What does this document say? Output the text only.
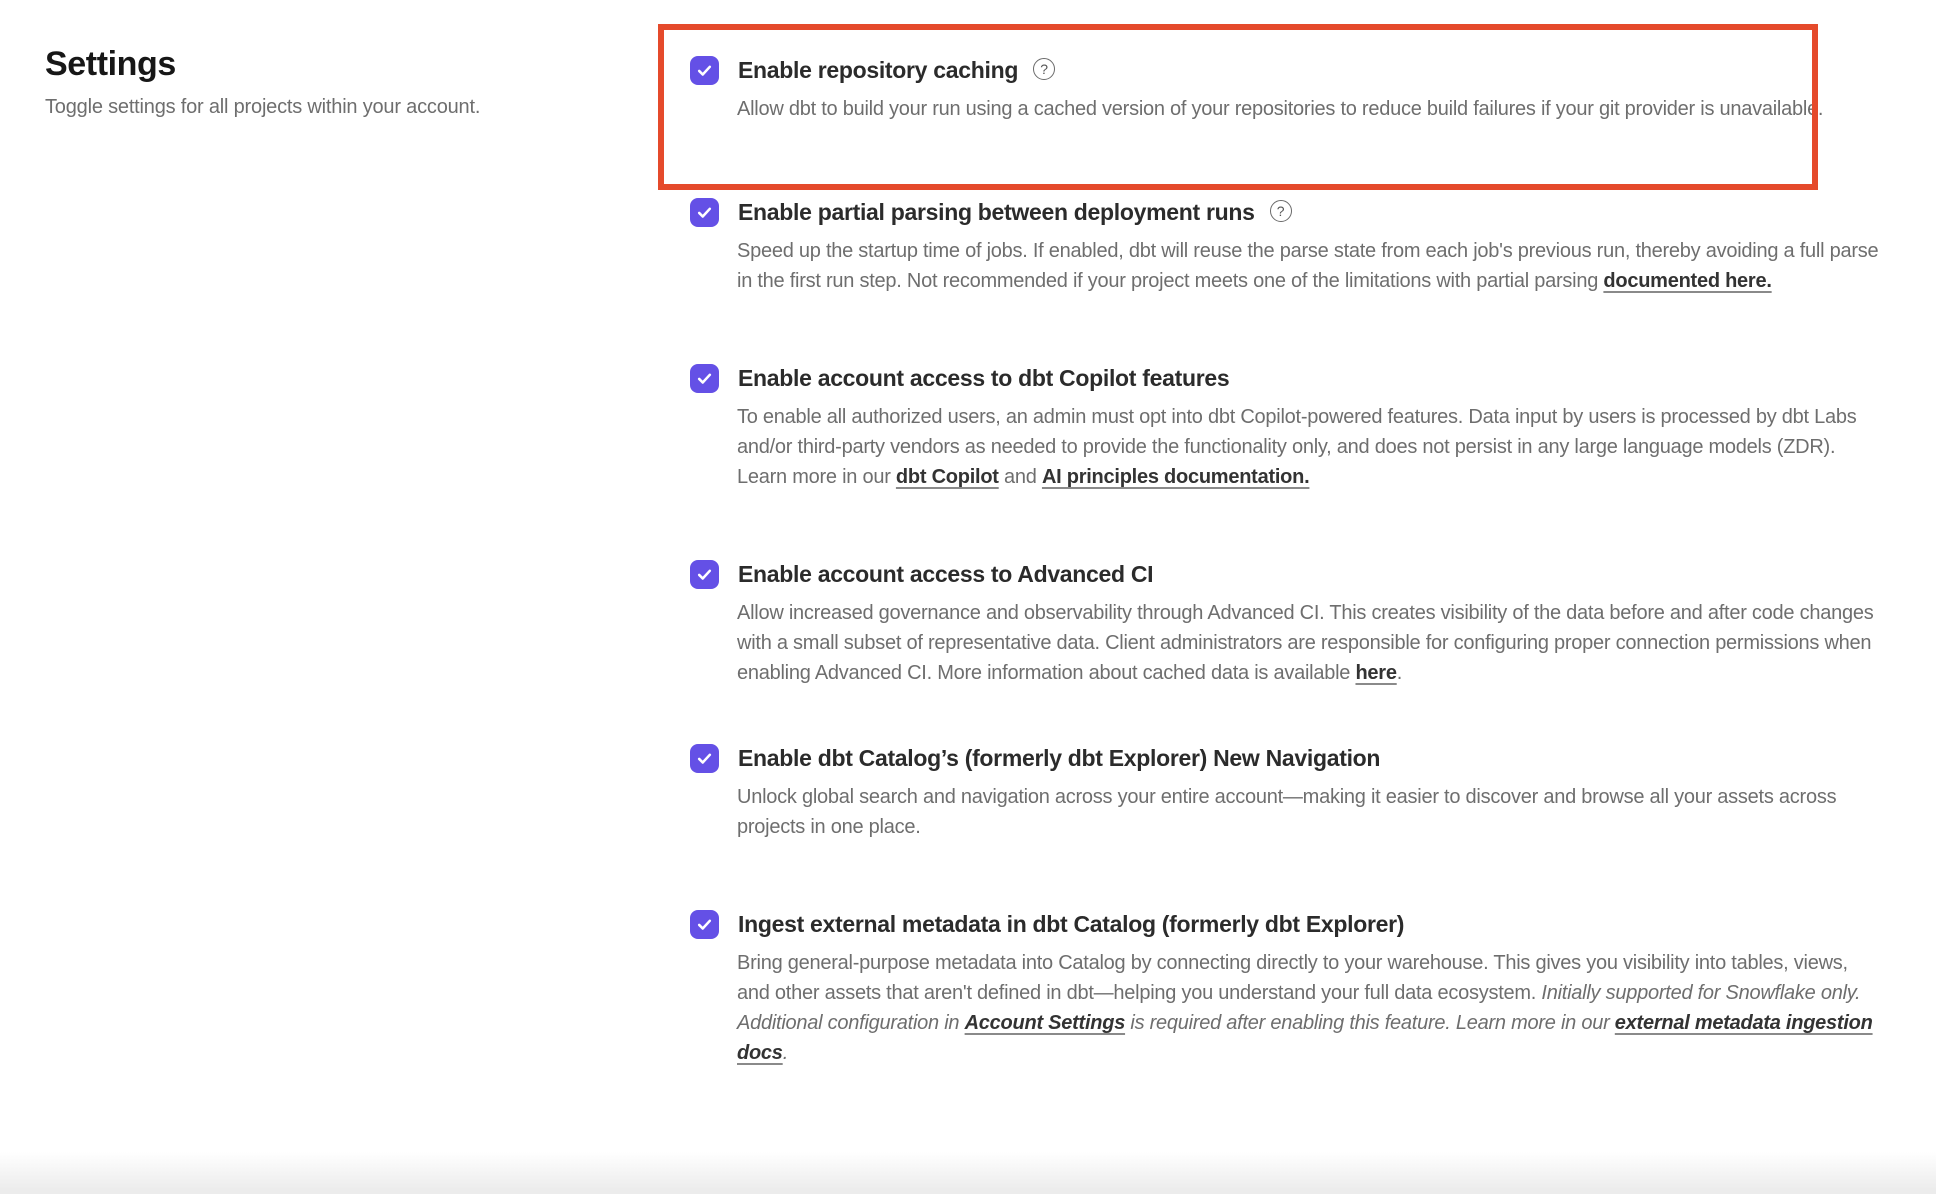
Settings

Toggle settings for all projects within your account.

Enable repository caching	?
Allow dbt to build your run using a cached version of your repositories to reduce build failures if your git provider is unavailable.
Enable partial parsing between deployment runs	?
Speed up the startup time of jobs. If enabled, dbt will reuse the parse state from each job's previous run, thereby avoiding a full parse in the first run step. Not recommended if your project meets one of the limitations with partial parsing documented here.
Enable account access to dbt Copilot features
To enable all authorized users, an admin must opt into dbt Copilot-powered features. Data input by users is processed by dbt Labs and/or third-party vendors as needed to provide the functionality only, and does not persist in any large language models (ZDR). Learn more in our dbt Copilot and AI principles documentation.
Enable account access to Advanced CI
Allow increased governance and observability through Advanced CI. This creates visibility of the data before and after code changes with a small subset of representative data. Client administrators are responsible for configuring proper connection permissions when enabling Advanced CI. More information about cached data is available here.
Enable dbt Catalog’s (formerly dbt Explorer) New Navigation
Unlock global search and navigation across your entire account—making it easier to discover and browse all your assets across projects in one place.
Ingest external metadata in dbt Catalog (formerly dbt Explorer)
Bring general-purpose metadata into Catalog by connecting directly to your warehouse. This gives you visibility into tables, views, and other assets that aren't defined in dbt—helping you understand your full data ecosystem. Initially supported for Snowflake only. Additional configuration in Account Settings is required after enabling this feature. Learn more in our external metadata ingestion docs.
